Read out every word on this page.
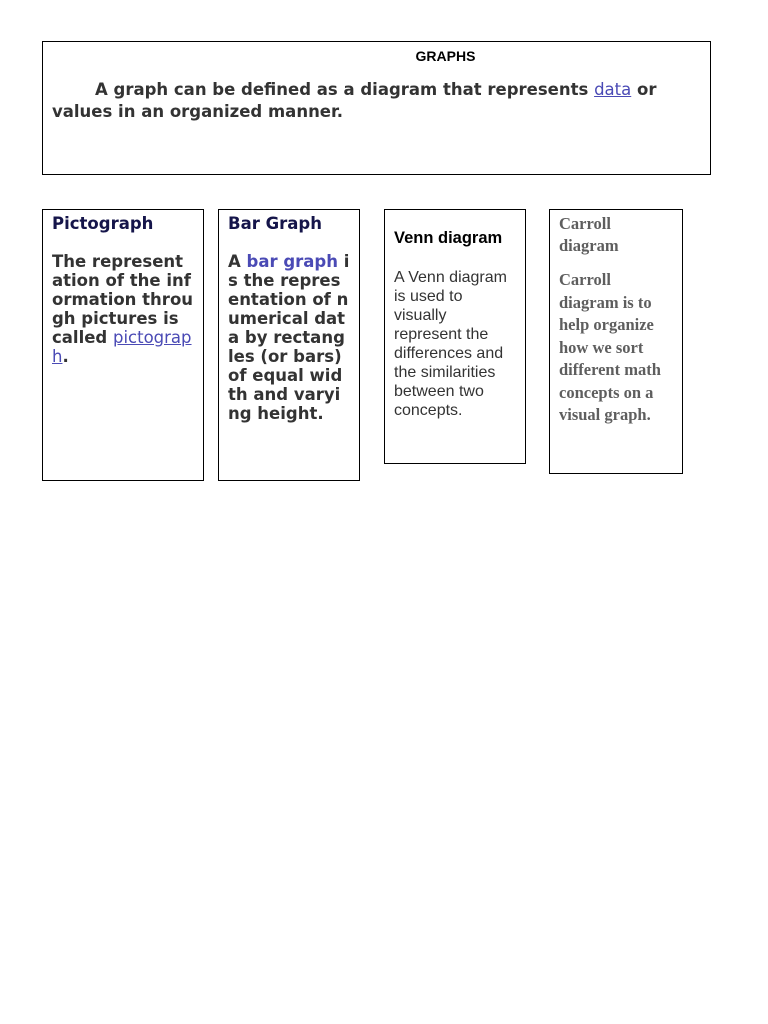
GRAPHS
A graph can be defined as a diagram that represents data or values in an organized manner.
Pictograph
The representation of the information through pictures is called pictograph.
Bar Graph
A bar graph is the representation of numerical data by rectangles (or bars) of equal width and varying height.
Venn diagram
A Venn diagram is used to visually represent the differences and the similarities between two concepts.
Carroll diagram
Carroll diagram is to help organize how we sort different math concepts on a visual graph.
